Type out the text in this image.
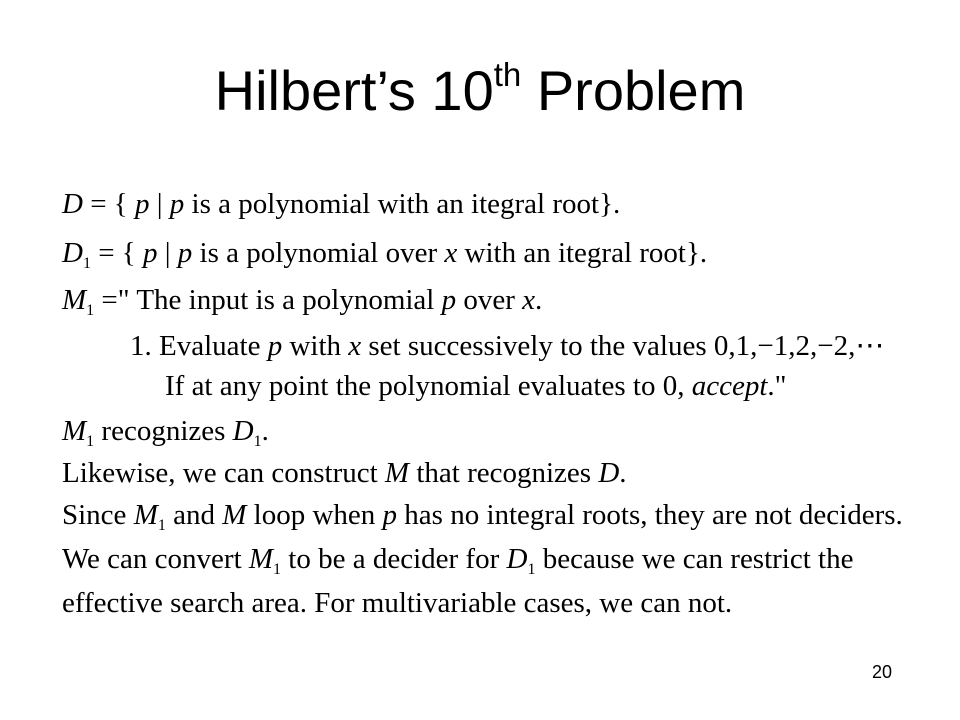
Hilbert’s 10th Problem
D = { p | p is a polynomial with an itegral root}.
$D_1$ = { p | p is a polynomial over x with an itegral root}.
$M_1$ =" The input is a polynomial p over x.
1. Evaluate p with x set successively to the values 0,1,−1,2,−2,⋯
If at any point the polynomial evaluates to 0, accept."
$M_1$ recognizes $D_1$.
Likewise, we can construct M that recognizes D.
Since $M_1$ and M loop when p has no integral roots, they are not deciders.
We can convert $M_1$ to be a decider for $D_1$ because we can restrict the
effective search area. For multivariable cases, we can not.
20
